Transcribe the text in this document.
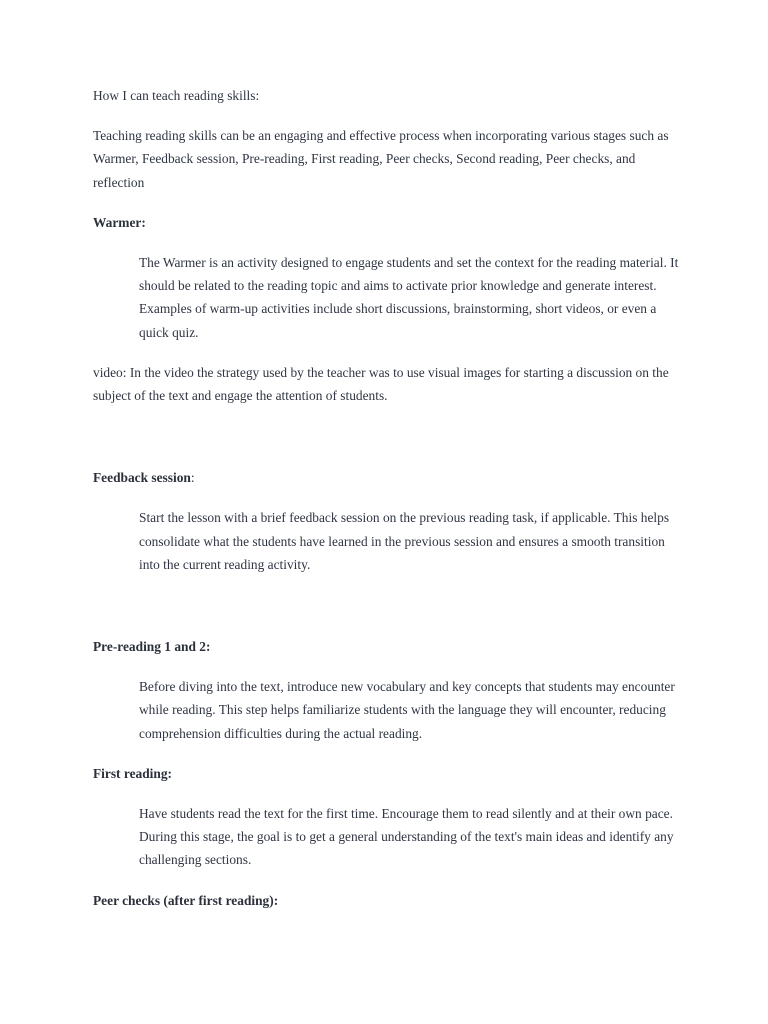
How I can teach reading skills:

Teaching reading skills can be an engaging and effective process when incorporating various stages such as Warmer, Feedback session, Pre-reading, First reading, Peer checks, Second reading, Peer checks, and reflection

Warmer:

The Warmer is an activity designed to engage students and set the context for the reading material. It should be related to the reading topic and aims to activate prior knowledge and generate interest. Examples of warm-up activities include short discussions, brainstorming, short videos, or even a quick quiz.

video: In the video the strategy used by the teacher was to use visual images for starting a discussion on the subject of the text and engage the attention of students.

Feedback session:

Start the lesson with a brief feedback session on the previous reading task, if applicable. This helps consolidate what the students have learned in the previous session and ensures a smooth transition into the current reading activity.

Pre-reading 1 and 2:

Before diving into the text, introduce new vocabulary and key concepts that students may encounter while reading. This step helps familiarize students with the language they will encounter, reducing comprehension difficulties during the actual reading.

First reading:

Have students read the text for the first time. Encourage them to read silently and at their own pace. During this stage, the goal is to get a general understanding of the text's main ideas and identify any challenging sections.

Peer checks (after first reading):
